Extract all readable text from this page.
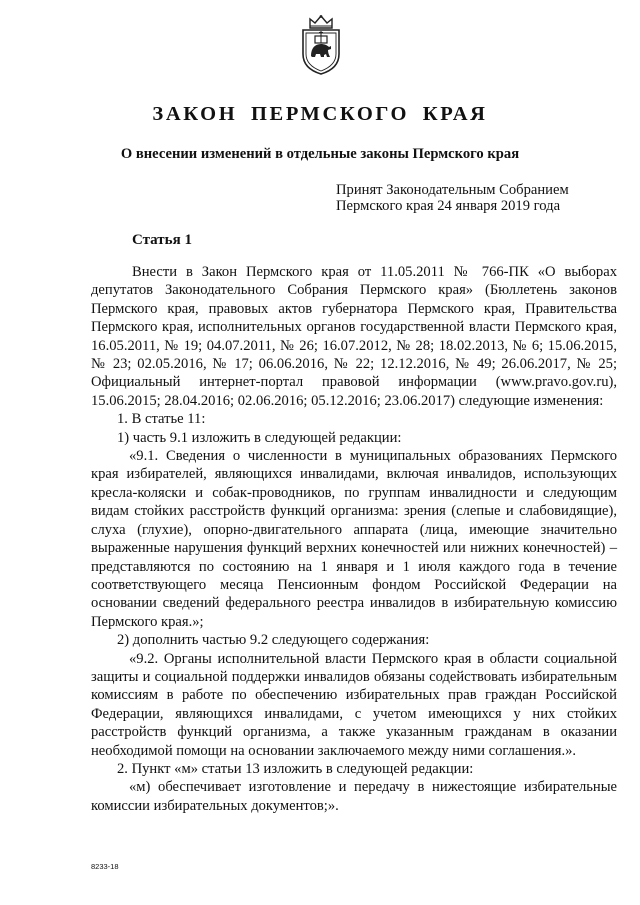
ЗАКОН ПЕРМСКОГО КРАЯ
О внесении изменений в отдельные законы Пермского края
Принят Законодательным Собранием
Пермского края 24 января 2019 года
Статья 1

Внести в Закон Пермского края от 11.05.2011 № 766-ПК «О выборах депутатов Законодательного Собрания Пермского края» (Бюллетень законов Пермского края, правовых актов губернатора Пермского края, Правительства Пермского края, исполнительных органов государственной власти Пермского края, 16.05.2011, № 19; 04.07.2011, № 26; 16.07.2012, № 28; 18.02.2013, № 6; 15.06.2015, № 23; 02.05.2016, № 17; 06.06.2016, № 22; 12.12.2016, № 49; 26.06.2017, № 25; Официальный интернет-портал правовой информации (www.pravo.gov.ru), 15.06.2015; 28.04.2016; 02.06.2016; 05.12.2016; 23.06.2017) следующие изменения:

1. В статье 11:

1) часть 9.1 изложить в следующей редакции:

«9.1. Сведения о численности в муниципальных образованиях Пермского края избирателей, являющихся инвалидами, включая инвалидов, использующих кресла-коляски и собак-проводников, по группам инвалидности и следующим видам стойких расстройств функций организма: зрения (слепые и слабовидящие), слуха (глухие), опорно-двигательного аппарата (лица, имеющие значительно выраженные нарушения функций верхних конечностей или нижних конечностей) – представляются по состоянию на 1 января и 1 июля каждого года в течение соответствующего месяца Пенсионным фондом Российской Федерации на основании сведений федерального реестра инвалидов в избирательную комиссию Пермского края.»;

2) дополнить частью 9.2 следующего содержания:

«9.2. Органы исполнительной власти Пермского края в области социальной защиты и социальной поддержки инвалидов обязаны содействовать избирательным комиссиям в работе по обеспечению избирательных прав граждан Российской Федерации, являющихся инвалидами, с учетом имеющихся у них стойких расстройств функций организма, а также указанным гражданам в оказании необходимой помощи на основании заключаемого между ними соглашения.».

2. Пункт «м» статьи 13 изложить в следующей редакции:

«м) обеспечивает изготовление и передачу в нижестоящие избирательные комиссии избирательных документов;».

8233-18
